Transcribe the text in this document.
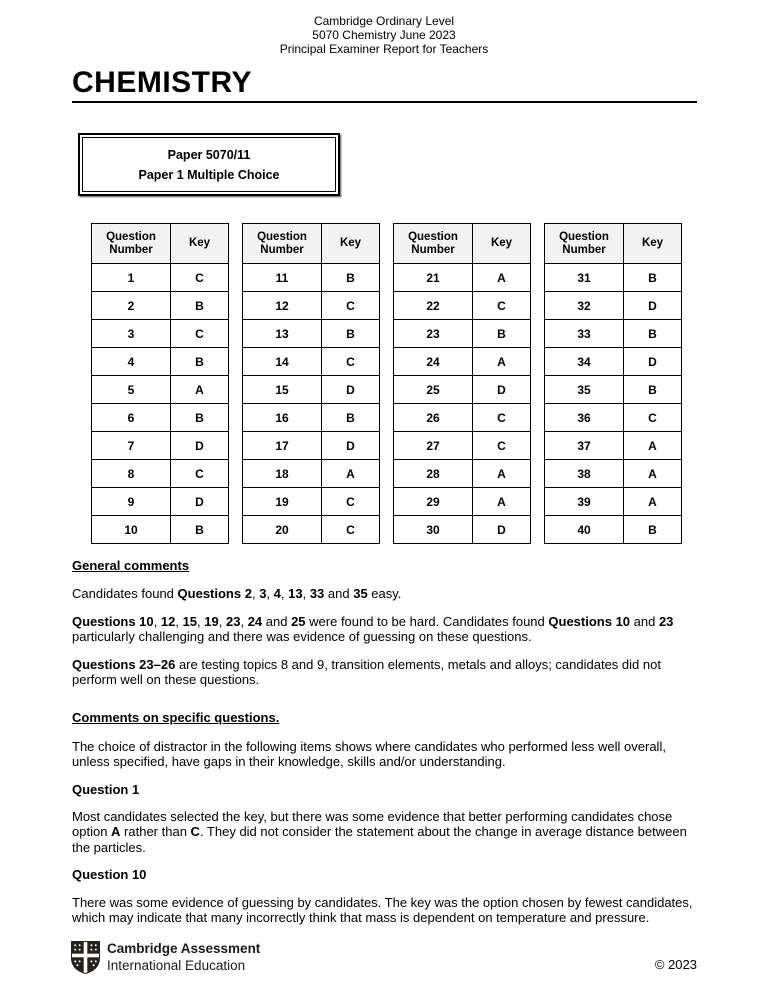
Cambridge Ordinary Level
5070 Chemistry June 2023
Principal Examiner Report for Teachers
CHEMISTRY
Paper 5070/11
Paper 1 Multiple Choice
Question Number	Key
1	C
2	B
3	C
4	B
5	A
6	B
7	D
8	C
9	D
10	B
Question Number	Key
11	B
12	C
13	B
14	C
15	D
16	B
17	D
18	A
19	C
20	C
Question Number	Key
21	A
22	C
23	B
24	A
25	D
26	C
27	C
28	A
29	A
30	D
Question Number	Key
31	B
32	D
33	B
34	D
35	B
36	C
37	A
38	A
39	A
40	B
General comments

Candidates found Questions 2, 3, 4, 13, 33 and 35 easy.

Questions 10, 12, 15, 19, 23, 24 and 25 were found to be hard. Candidates found Questions 10 and 23 particularly challenging and there was evidence of guessing on these questions.

Questions 23–26 are testing topics 8 and 9, transition elements, metals and alloys; candidates did not perform well on these questions.

Comments on specific questions.

The choice of distractor in the following items shows where candidates who performed less well overall, unless specified, have gaps in their knowledge, skills and/or understanding.

Question 1

Most candidates selected the key, but there was some evidence that better performing candidates chose option A rather than C. They did not consider the statement about the change in average distance between the particles.

Question 10

There was some evidence of guessing by candidates. The key was the option chosen by fewest candidates, which may indicate that many incorrectly think that mass is dependent on temperature and pressure.

Cambridge Assessment
International Education	© 2023
